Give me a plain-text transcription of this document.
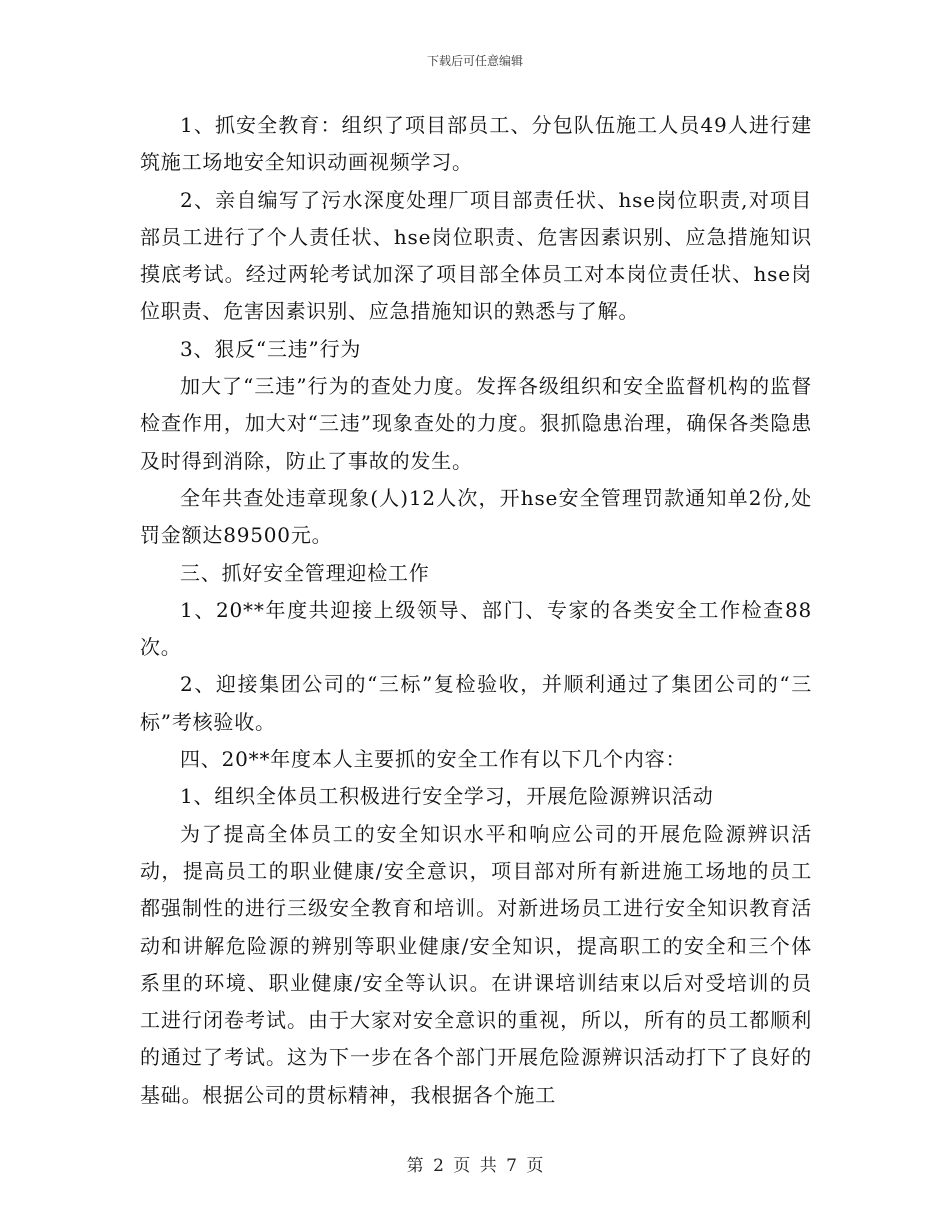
下载后可任意编辑

1、抓安全教育：组织了项目部员工、分包队伍施工人员49人进行建筑施工场地安全知识动画视频学习。

2、亲自编写了污水深度处理厂项目部责任状、hse岗位职责,对项目部员工进行了个人责任状、hse岗位职责、危害因素识别、应急措施知识摸底考试。经过两轮考试加深了项目部全体员工对本岗位责任状、hse岗位职责、危害因素识别、应急措施知识的熟悉与了解。

3、狠反“三违”行为

加大了“三违”行为的查处力度。发挥各级组织和安全监督机构的监督检查作用，加大对“三违”现象查处的力度。狠抓隐患治理，确保各类隐患及时得到消除，防止了事故的发生。

全年共查处违章现象(人)12人次，开hse安全管理罚款通知单2份,处罚金额达89500元。

三、抓好安全管理迎检工作

1、20**年度共迎接上级领导、部门、专家的各类安全工作检查88次。

2、迎接集团公司的“三标”复检验收，并顺利通过了集团公司的“三标”考核验收。

四、20**年度本人主要抓的安全工作有以下几个内容：

1、组织全体员工积极进行安全学习，开展危险源辨识活动

为了提高全体员工的安全知识水平和响应公司的开展危险源辨识活动，提高员工的职业健康/安全意识，项目部对所有新进施工场地的员工都强制性的进行三级安全教育和培训。对新进场员工进行安全知识教育活动和讲解危险源的辨别等职业健康/安全知识，提高职工的安全和三个体系里的环境、职业健康/安全等认识。在讲课培训结束以后对受培训的员工进行闭卷考试。由于大家对安全意识的重视，所以，所有的员工都顺利的通过了考试。这为下一步在各个部门开展危险源辨识活动打下了良好的基础。根据公司的贯标精神，我根据各个施工

第 2 页 共 7 页
